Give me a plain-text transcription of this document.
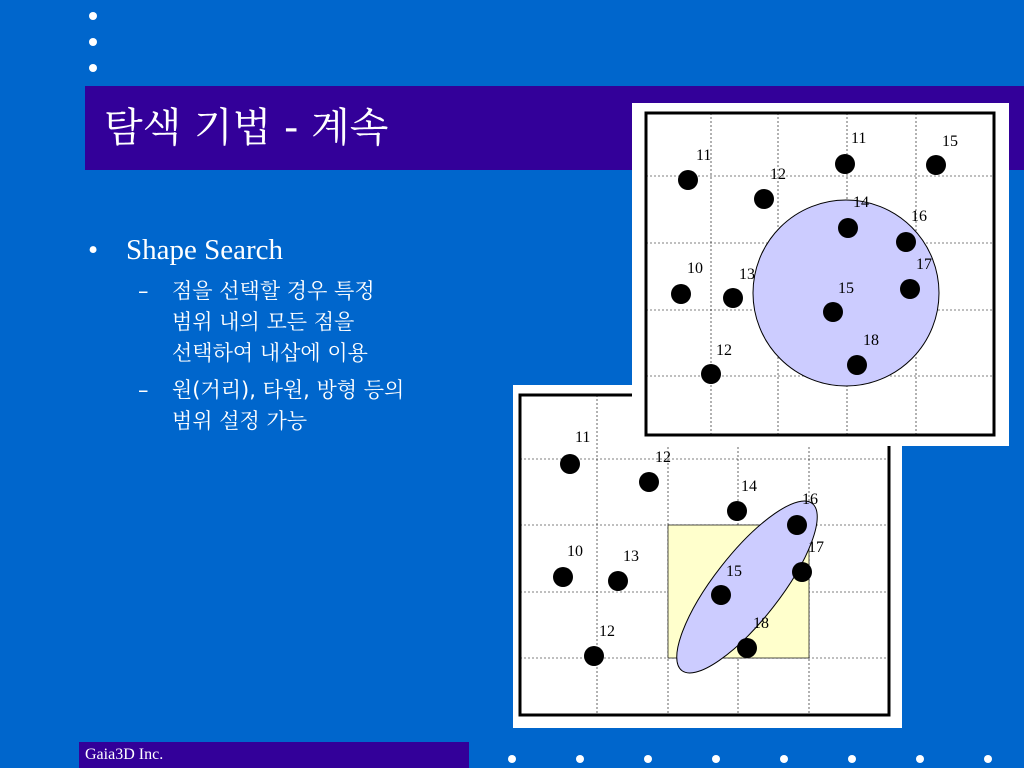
탐색 기법 - 계속
• Shape Search
– 점을 선택할 경우 특정
범위 내의 모든 점을
선택하여 내삽에 이용
– 원(거리), 타원, 방형 등의
범위 설정 가능
11
12
14
16
10	13
17
15
18
12
11
11	15
12
14
16
10 13
17
15
18
12
Gaia3D Inc.
